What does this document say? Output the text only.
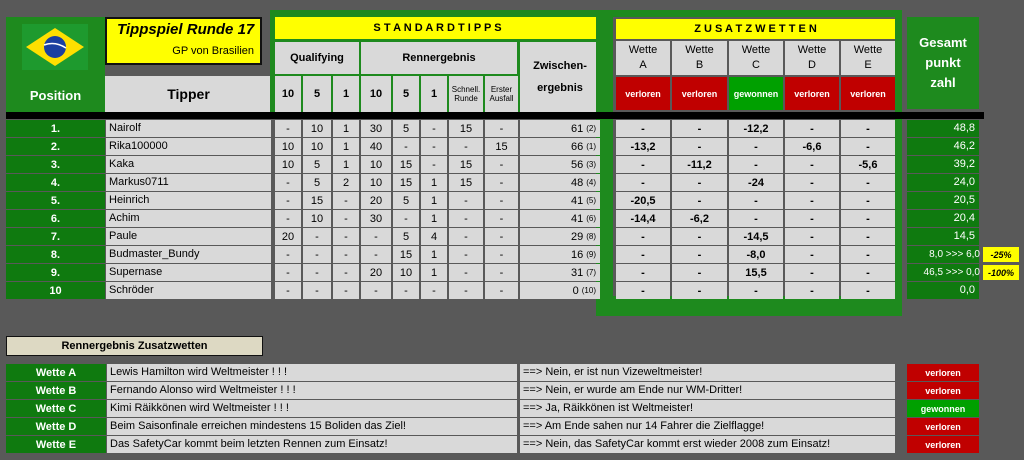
Position
Tippspiel Runde 17
GP von Brasilien
Tipper
S T A N D A R D T I P P S
Qualifying	Rennergebnis
Zwischen-
ergebnis
10	5	1	10	5	1	Schnell.
Runde
Erster
Ausfall
Z U S A T Z W E T T E N
Wette
A
verloren
Wette
B
verloren
Wette
C
gewonnen
Wette
D
verloren
Wette
E
verloren
Gesamt
punkt
zahl
1.	Nairolf	-	10	1	30	5	-	15	-	61 (2)	-	-	-12,2	-	-	48,8
2.	Rika100000	10	10	1	40	-	-	-	15	66 (1)	-13,2	-	-	-6,6	-	46,2
3.	Kaka	10	5	1	10	15	-	15	-	56 (3)	-	-11,2	-	-	-5,6	39,2
4.	Markus0711	-	5	2	10	15	1	15	-	48 (4)	-	-	-24	-	-	24,0
5.	Heinrich	-	15	-	20	5	1	-	-	41 (5)	-20,5	-	-	-	-	20,5
6.	Achim	-	10	-	30	-	1	-	-	41 (6)	-14,4	-6,2	-	-	-	20,4
7.	Paule	20	-	-	-	5	4	-	-	29 (8)	-	-	-14,5	-	-	14,5
8.	Budmaster_Bundy	-	-	-	-	15	1	-	-	16 (9)	-	-	-8,0	-	-	8,0 >>> 6,0	-25%
9.	Supernase	-	-	-	20	10	1	-	-	31 (7)	-	-	15,5	-	-	46,5 >>> 0,0 -100%
10	Schröder	-	-	-	-	-	-	-	-	0 (10)	-	-	-	-	-	0,0
Rennergebnis Zusatzwetten
Wette A	Lewis Hamilton wird Weltmeister ! ! !	==> Nein, er ist nun Vizeweltmeister!	verloren
Wette B	Fernando Alonso wird Weltmeister ! ! !	==> Nein, er wurde am Ende nur WM-Dritter!	verloren
Wette C	Kimi Räikkönen wird Weltmeister ! ! !	==> Ja, Räikkönen ist Weltmeister!	gewonnen
Wette D	Beim Saisonfinale erreichen mindestens 15 Boliden das Ziel!	==> Am Ende sahen nur 14 Fahrer die Zielflagge!	verloren
Wette E	Das SafetyCar kommt beim letzten Rennen zum Einsatz!	==> Nein, das SafetyCar kommt erst wieder 2008 zum Einsatz!	verloren
